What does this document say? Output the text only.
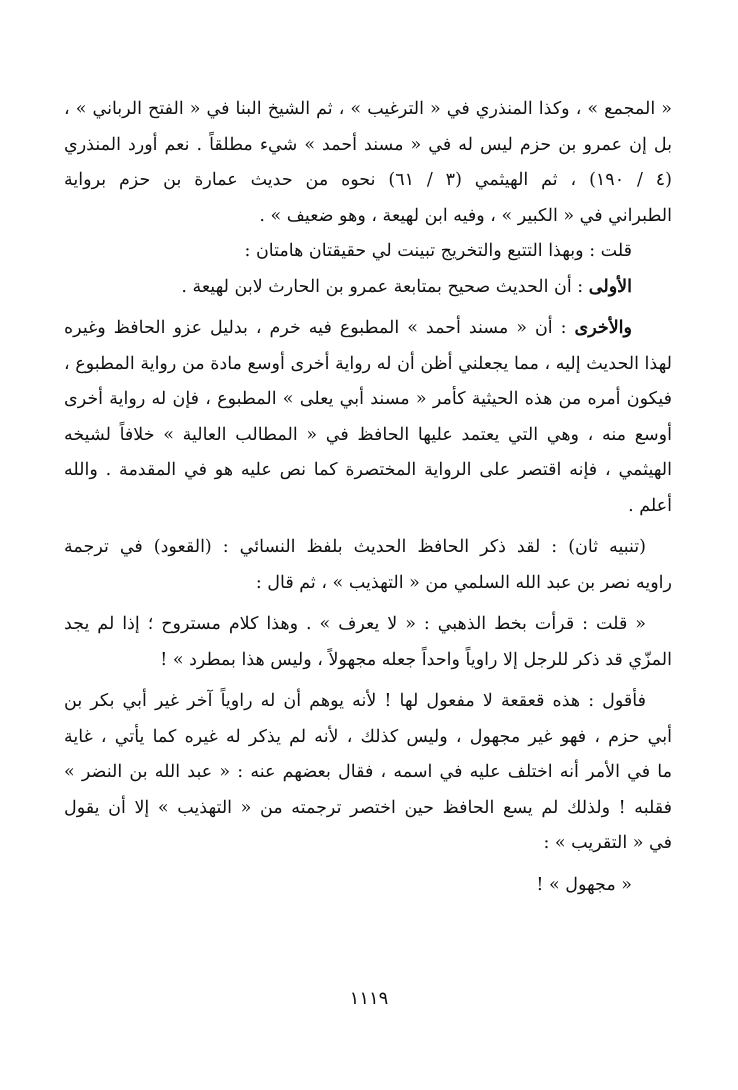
« المجمع » ، وكذا المنذري في « الترغيب » ، ثم الشيخ البنا في « الفتح الرباني » ،
بل إن عمرو بن حزم ليس له في « مسند أحمد » شيء مطلقاً . نعم أورد المنذري
(٤ / ١٩٠) ، ثم الهيثمي (٣ / ٦١) نحوه من حديث عمارة بن حزم برواية
الطبراني في « الكبير » ، وفيه ابن لهيعة ، وهو ضعيف » .
قلت : وبهذا التتبع والتخريج تبينت لي حقيقتان هامتان :
الأولى : أن الحديث صحيح بمتابعة عمرو بن الحارث لابن لهيعة .
والأخرى : أن « مسند أحمد » المطبوع فيه خرم ، بدليل عزو الحافظ وغيره
لهذا الحديث إليه ، مما يجعلني أظن أن له رواية أخرى أوسع مادة من رواية المطبوع ،
فيكون أمره من هذه الحيثية كأمر « مسند أبي يعلى » المطبوع ، فإن له رواية أخرى
أوسع منه ، وهي التي يعتمد عليها الحافظ في « المطالب العالية » خلافاً لشيخه
الهيثمي ، فإنه اقتصر على الرواية المختصرة كما نص عليه هو في المقدمة . والله
أعلم .
(تنبيه ثان) : لقد ذكر الحافظ الحديث بلفظ النسائي : (القعود) في ترجمة
راويه نصر بن عبد الله السلمي من « التهذيب » ، ثم قال :
« قلت : قرأت بخط الذهبي : « لا يعرف » . وهذا كلام مستروح ؛ إذا لم يجد
المزّي قد ذكر للرجل إلا راوياً واحداً جعله مجهولاً ، وليس هذا بمطرد » !
فأقول : هذه قعقعة لا مفعول لها ! لأنه يوهم أن له راوياً آخر غير أبي بكر بن
أبي حزم ، فهو غير مجهول ، وليس كذلك ، لأنه لم يذكر له غيره كما يأتي ، غاية
ما في الأمر أنه اختلف عليه في اسمه ، فقال بعضهم عنه : « عبد الله بن النضر »
فقلبه ! ولذلك لم يسع الحافظ حين اختصر ترجمته من « التهذيب » إلا أن يقول
في « التقريب » :
« مجهول » !
١١١٩
